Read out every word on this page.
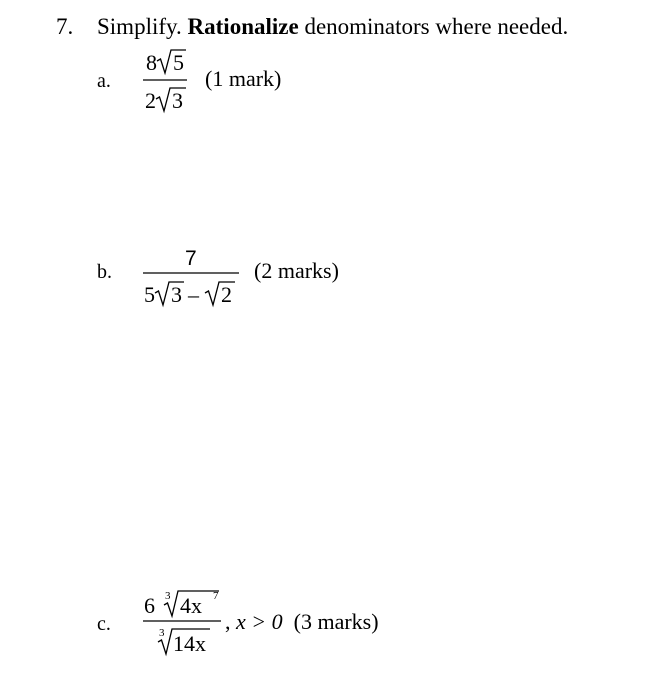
7. Simplify. Rationalize denominators where needed.
a.
8 5
2 3
(1 mark)
b.
7
5 3 – 2
(2 marks)
c.
6 3 4x 7
3 14x
, x > 0 (3 marks)
